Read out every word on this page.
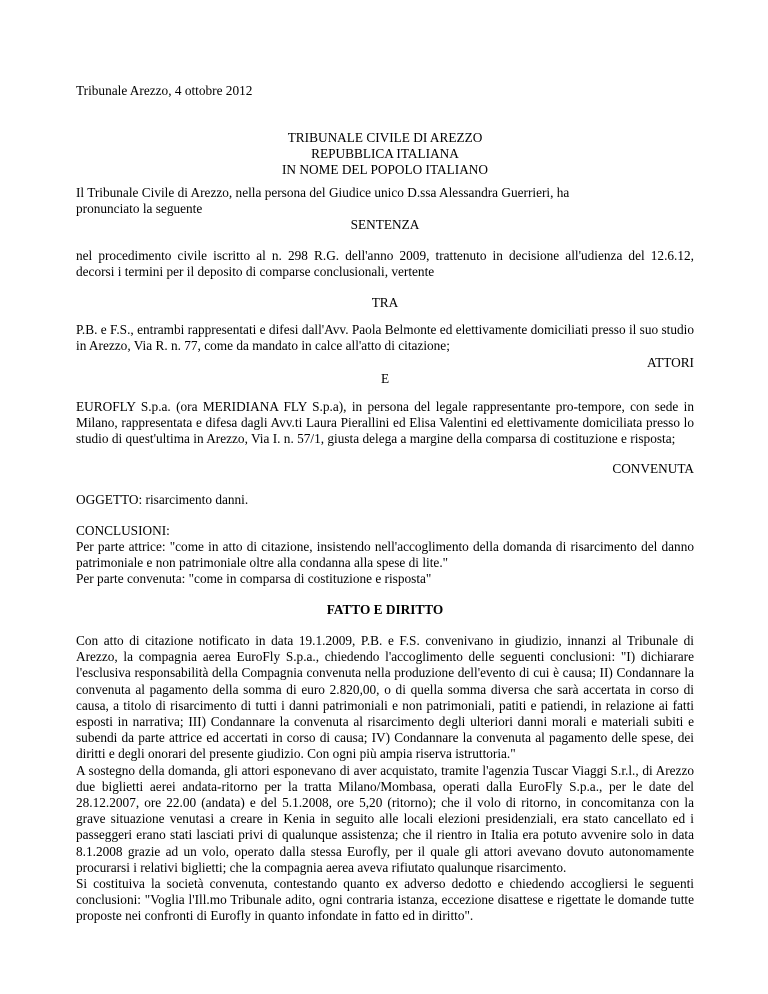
Tribunale Arezzo, 4 ottobre 2012

TRIBUNALE CIVILE DI AREZZO

REPUBBLICA ITALIANA

IN NOME DEL POPOLO ITALIANO

Il Tribunale Civile di Arezzo, nella persona del Giudice unico D.ssa Alessandra Guerrieri, ha

pronunciato la seguente

SENTENZA

nel procedimento civile iscritto al n. 298 R.G. dell'anno 2009, trattenuto in decisione all'udienza del 12.6.12, decorsi i termini per il deposito di comparse conclusionali, vertente

TRA

P.B. e F.S., entrambi rappresentati e difesi dall'Avv. Paola Belmonte ed elettivamente domiciliati presso il suo studio in Arezzo, Via R. n. 77, come da mandato in calce all'atto di citazione;

ATTORI

E

EUROFLY S.p.a. (ora MERIDIANA FLY S.p.a), in persona del legale rappresentante pro-tempore, con sede in Milano, rappresentata e difesa dagli Avv.ti Laura Pierallini ed Elisa Valentini ed elettivamente domiciliata presso lo studio di quest'ultima in Arezzo, Via I. n. 57/1, giusta delega a margine della comparsa di costituzione e risposta;

CONVENUTA

OGGETTO: risarcimento danni.

CONCLUSIONI:

Per parte attrice: "come in atto di citazione, insistendo nell'accoglimento della domanda di risarcimento del danno patrimoniale e non patrimoniale oltre alla condanna alla spese di lite."

Per parte convenuta: "come in comparsa di costituzione e risposta"

FATTO E DIRITTO

Con atto di citazione notificato in data 19.1.2009, P.B. e F.S. convenivano in giudizio, innanzi al Tribunale di Arezzo, la compagnia aerea EuroFly S.p.a., chiedendo l'accoglimento delle seguenti conclusioni: "I) dichiarare l'esclusiva responsabilità della Compagnia convenuta nella produzione dell'evento di cui è causa; II) Condannare la convenuta al pagamento della somma di euro 2.820,00, o di quella somma diversa che sarà accertata in corso di causa, a titolo di risarcimento di tutti i danni patrimoniali e non patrimoniali, patiti e patiendi, in relazione ai fatti esposti in narrativa; III) Condannare la convenuta al risarcimento degli ulteriori danni morali e materiali subiti e subendi da parte attrice ed accertati in corso di causa; IV) Condannare la convenuta al pagamento delle spese, dei diritti e degli onorari del presente giudizio. Con ogni più ampia riserva istruttoria."

A sostegno della domanda, gli attori esponevano di aver acquistato, tramite l'agenzia Tuscar Viaggi S.r.l., di Arezzo due biglietti aerei andata-ritorno per la tratta Milano/Mombasa, operati dalla EuroFly S.p.a., per le date del 28.12.2007, ore 22.00 (andata) e del 5.1.2008, ore 5,20 (ritorno); che il volo di ritorno, in concomitanza con la grave situazione venutasi a creare in Kenia in seguito alle locali elezioni presidenziali, era stato cancellato ed i passeggeri erano stati lasciati privi di qualunque assistenza; che il rientro in Italia era potuto avvenire solo in data 8.1.2008 grazie ad un volo, operato dalla stessa Eurofly, per il quale gli attori avevano dovuto autonomamente procurarsi i relativi biglietti; che la compagnia aerea aveva rifiutato qualunque risarcimento.

Si costituiva la società convenuta, contestando quanto ex adverso dedotto e chiedendo accogliersi le seguenti conclusioni: "Voglia l'Ill.mo Tribunale adito, ogni contraria istanza, eccezione disattese e rigettate le domande tutte proposte nei confronti di Eurofly in quanto infondate in fatto ed in diritto".
